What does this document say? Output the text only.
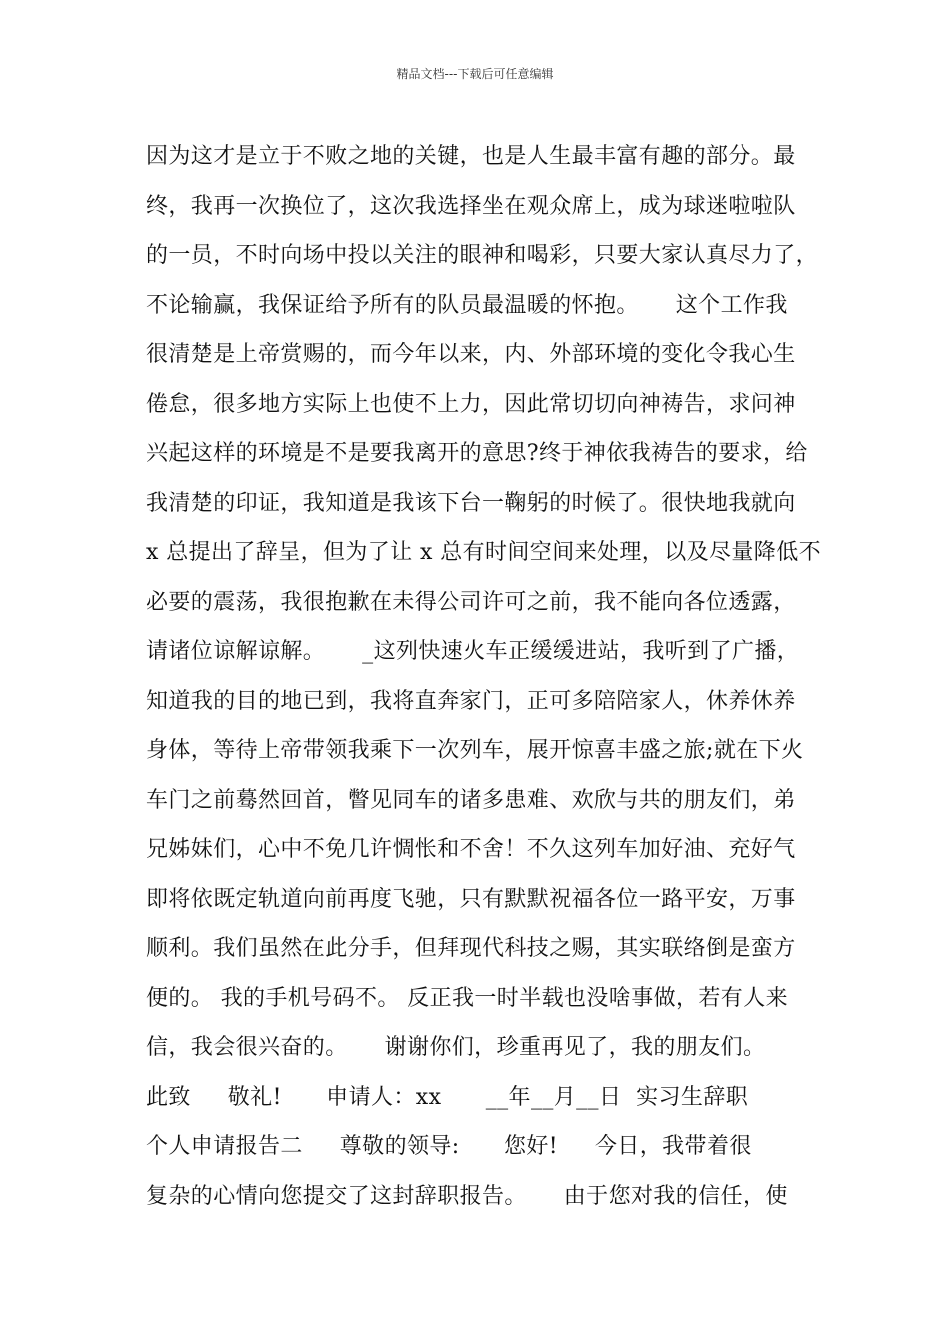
精品文档---下载后可任意编辑
因为这才是立于不败之地的关键，也是人生最丰富有趣的部分。最
终，我再一次换位了，这次我选择坐在观众席上，成为球迷啦啦队
的一员，不时向场中投以关注的眼神和喝彩，只要大家认真尽力了，
不论输赢，我保证给予所有的队员最温暖的怀抱。     这个工作我
很清楚是上帝赏赐的，而今年以来，内、外部环境的变化令我心生
倦怠，很多地方实际上也使不上力，因此常切切向神祷告，求问神
兴起这样的环境是不是要我离开的意思?终于神依我祷告的要求，给
我清楚的印证，我知道是我该下台一鞠躬的时候了。很快地我就向
x 总提出了辞呈，但为了让 x 总有时间空间来处理，以及尽量降低不
必要的震荡，我很抱歉在未得公司许可之前，我不能向各位透露，
请诸位谅解谅解。     _这列快速火车正缓缓进站，我听到了广播，
知道我的目的地已到，我将直奔家门，正可多陪陪家人，休养休养
身体，等待上帝带领我乘下一次列车，展开惊喜丰盛之旅;就在下火
车门之前蓦然回首，瞥见同车的诸多患难、欢欣与共的朋友们，弟
兄姊妹们，心中不免几许惆怅和不舍！不久这列车加好油、充好气
即将依既定轨道向前再度飞驰，只有默默祝福各位一路平安，万事
顺利。我们虽然在此分手，但拜现代科技之赐，其实联络倒是蛮方
便的。 我的手机号码不。 反正我一时半载也没啥事做，若有人来
信，我会很兴奋的。     谢谢你们，珍重再见了，我的朋友们。
此致     敬礼!      申请人：xx      __年__月__日  实习生辞职
个人申请报告二     尊敬的领导:      您好!     今日，我带着很
复杂的心情向您提交了这封辞职报告。     由于您对我的信任，使
